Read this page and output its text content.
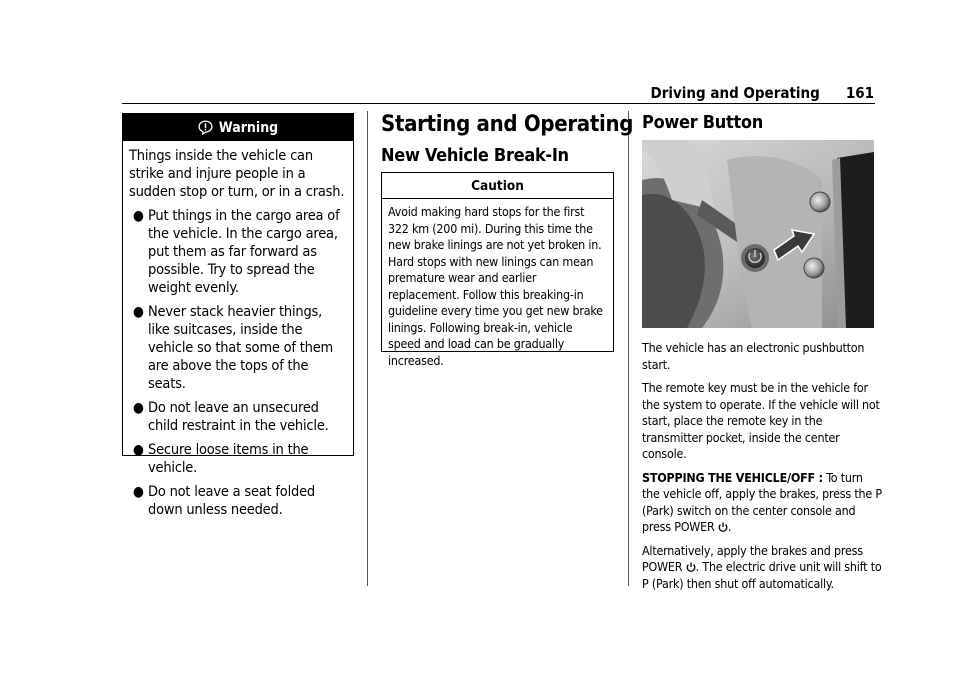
Driving and Operating 161
Warning
Things inside the vehicle can strike and injure people in a sudden stop or turn, or in a crash.
● Put things in the cargo area of the vehicle. In the cargo area, put them as far forward as possible. Try to spread the weight evenly.
● Never stack heavier things, like suitcases, inside the vehicle so that some of them are above the tops of the seats.
● Do not leave an unsecured child restraint in the vehicle.
● Secure loose items in the vehicle.
● Do not leave a seat folded down unless needed.
Starting and Operating
New Vehicle Break-In
Caution
Avoid making hard stops for the first 322 km (200 mi). During this time the new brake linings are not yet broken in. Hard stops with new linings can mean premature wear and earlier replacement. Follow this breaking-in guideline every time you get new brake linings. Following break-in, vehicle speed and load can be gradually increased.
Power Button

The vehicle has an electronic pushbutton start.

The remote key must be in the vehicle for the system to operate. If the vehicle will not start, place the remote key in the transmitter pocket, inside the center console.

STOPPING THE VEHICLE/OFF : To turn the vehicle off, apply the brakes, press the P (Park) switch on the center console and press POWER .

Alternatively, apply the brakes and press POWER . The electric drive unit will shift to P (Park) then shut off automatically.
